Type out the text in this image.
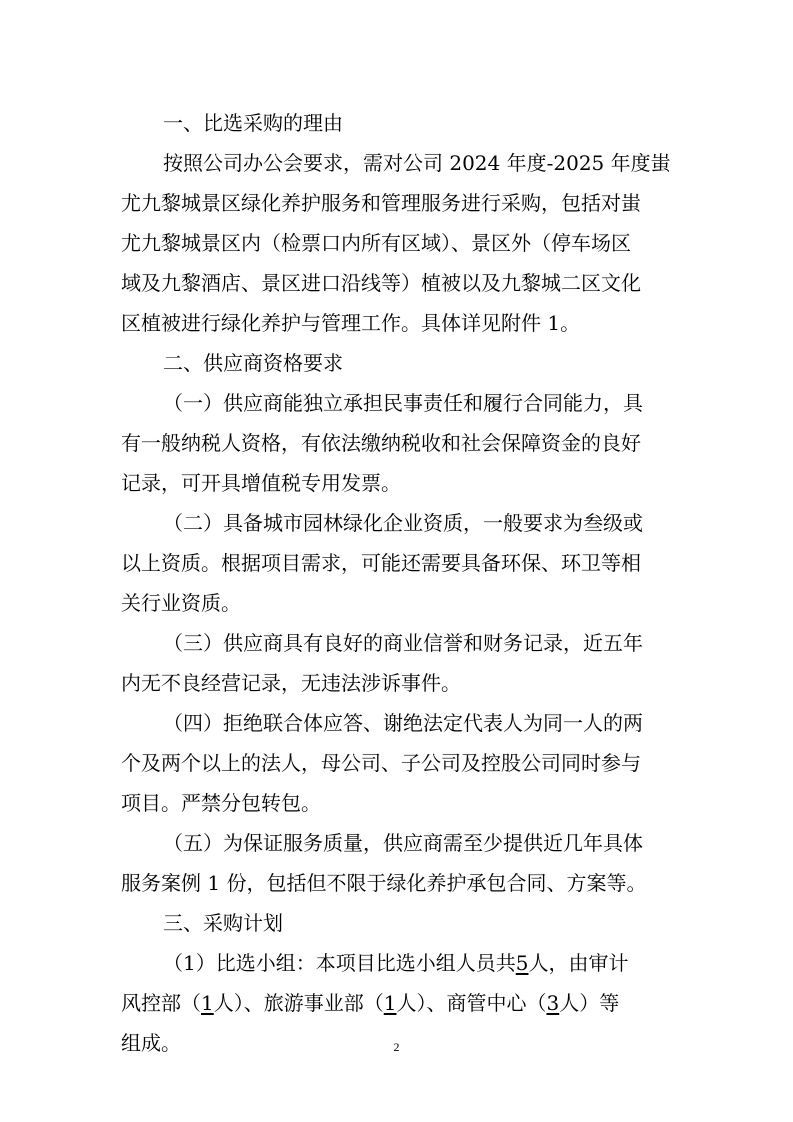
一、比选采购的理由

按照公司办公会要求，需对公司 2024 年度-2025 年度蚩

尤九黎城景区绿化养护服务和管理服务进行采购，包括对蚩

尤九黎城景区内（检票口内所有区域）、景区外（停车场区

域及九黎酒店、景区进口沿线等）植被以及九黎城二区文化

区植被进行绿化养护与管理工作。具体详见附件 1。

二、供应商资格要求

（一）供应商能独立承担民事责任和履行合同能力，具

有一般纳税人资格，有依法缴纳税收和社会保障资金的良好

记录，可开具增值税专用发票。

（二）具备城市园林绿化企业资质，一般要求为叁级或

以上资质。根据项目需求，可能还需要具备环保、环卫等相

关行业资质。

（三）供应商具有良好的商业信誉和财务记录，近五年

内无不良经营记录，无违法涉诉事件。

（四）拒绝联合体应答、谢绝法定代表人为同一人的两

个及两个以上的法人，母公司、子公司及控股公司同时参与

项目。严禁分包转包。

（五）为保证服务质量，供应商需至少提供近几年具体

服务案例 1 份，包括但不限于绿化养护承包合同、方案等。

三、采购计划

（1）比选小组：本项目比选小组人员共5人，由审计

风控部（1人）、旅游事业部（1人）、商管中心（3人）等

组成。	2
